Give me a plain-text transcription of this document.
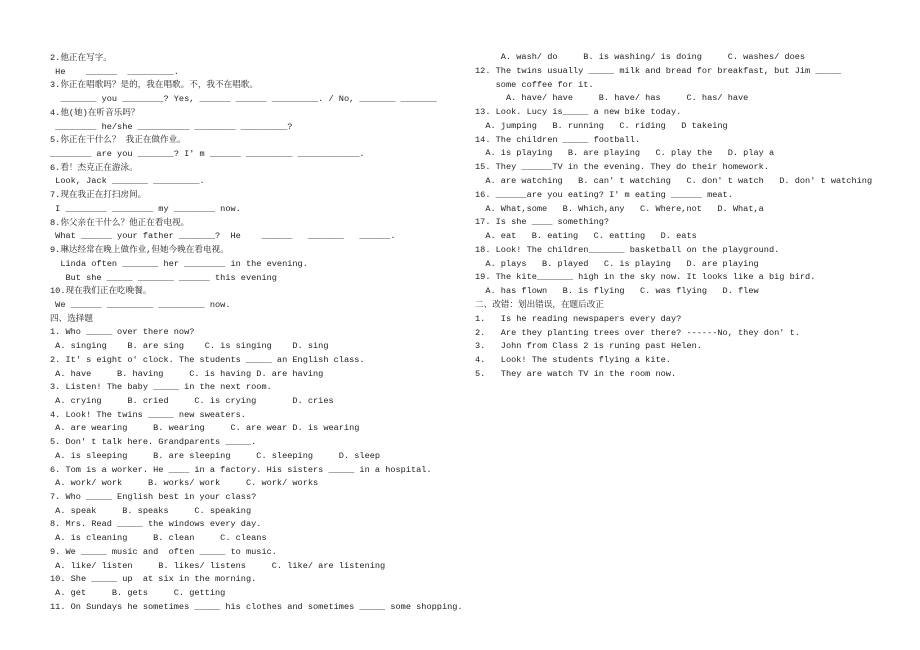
2.他正在写字。
He    ______  _________.
3.你正在唱歌吗？是的，我在唱歌。不，我不在唱歌。
_______ you ________? Yes, ______ ______ _________. / No, _______ _______
4.他(她)在听音乐吗？
________ he/she __________ ________ _________?
5.你正在干什么？ 我正在做作业。
________ are you _______? I' m ______ _________ ____________.
6.看！杰克正在游泳。
Look, Jack _______ _________.
7.现在我正在打扫房间。
I ________ ________ my ________ now.
8.你父亲在干什么？他正在看电视。
What ______ your father _______?  He    ______   _______   ______.
9.琳达经常在晚上做作业,但她今晚在看电视。
Linda often _______ her ________ in the evening.
But she _____ _______ ______ this evening
10.现在我们正在吃晚餐。
We ______ _________ _________ now.
四、选择题
1. Who _____ over there now?
A. singing    B. are sing    C. is singing    D. sing
2. It' s eight o' clock. The students _____ an English class.
A. have     B. having     C. is having D. are having
3. Listen! The baby _____ in the next room.
A. crying     B. cried     C. is crying       D. cries
4. Look! The twins _____ new sweaters.
A. are wearing     B. wearing     C. are wear D. is wearing
5. Don' t talk here. Grandparents _____.
A. is sleeping     B. are sleeping     C. sleeping     D. sleep
6. Tom is a worker. He ____ in a factory. His sisters _____ in a hospital.
A. work/ work     B. works/ work     C. work/ works
7. Who _____ English best in your class?
A. speak     B. speaks     C. speaking
8. Mrs. Read _____ the windows every day.
A. is cleaning     B. clean     C. cleans
9. We _____ music and  often _____ to music.
A. like/ listen     B. likes/ listens     C. like/ are listening
10. She _____ up  at six in the morning.
A. get     B. gets     C. getting
11. On Sundays he sometimes _____ his clothes and sometimes _____ some shopping.
A. wash/ do     B. is washing/ is doing     C. washes/ does
12. The twins usually _____ milk and bread for breakfast, but Jim _____
some coffee for it.
A. have/ have     B. have/ has     C. has/ have
13. Look. Lucy is_____ a new bike today.
A. jumping   B. running   C. riding   D takeing
14. The children _____ football.
A. is playing   B. are playing   C. play the   D. play a
15. They ______TV in the evening. They do their homework.
A. are watching   B. can' t watching   C. don' t watch   D. don' t watching
16. ______are you eating? I' m eating ______ meat.
A. What,some   B. Which,any   C. Where,not   D. What,a
17. Is she ____ something?
A. eat   B. eating   C. eatting   D. eats
18. Look! The children_______ basketball on the playground.
A. plays   B. played   C. is playing   D. are playing
19. The kite_______ high in the sky now. It looks like a big bird.
A. has flown   B. is flying   C. was flying   D. flew
二、改错：划出错误，在题后改正
1.   Is he reading newspapers every day?
2.   Are they planting trees over there? ------No, they don' t.
3.   John from Class 2 is runing past Helen.
4.   Look! The students flying a kite.
5.   They are watch TV in the room now.
